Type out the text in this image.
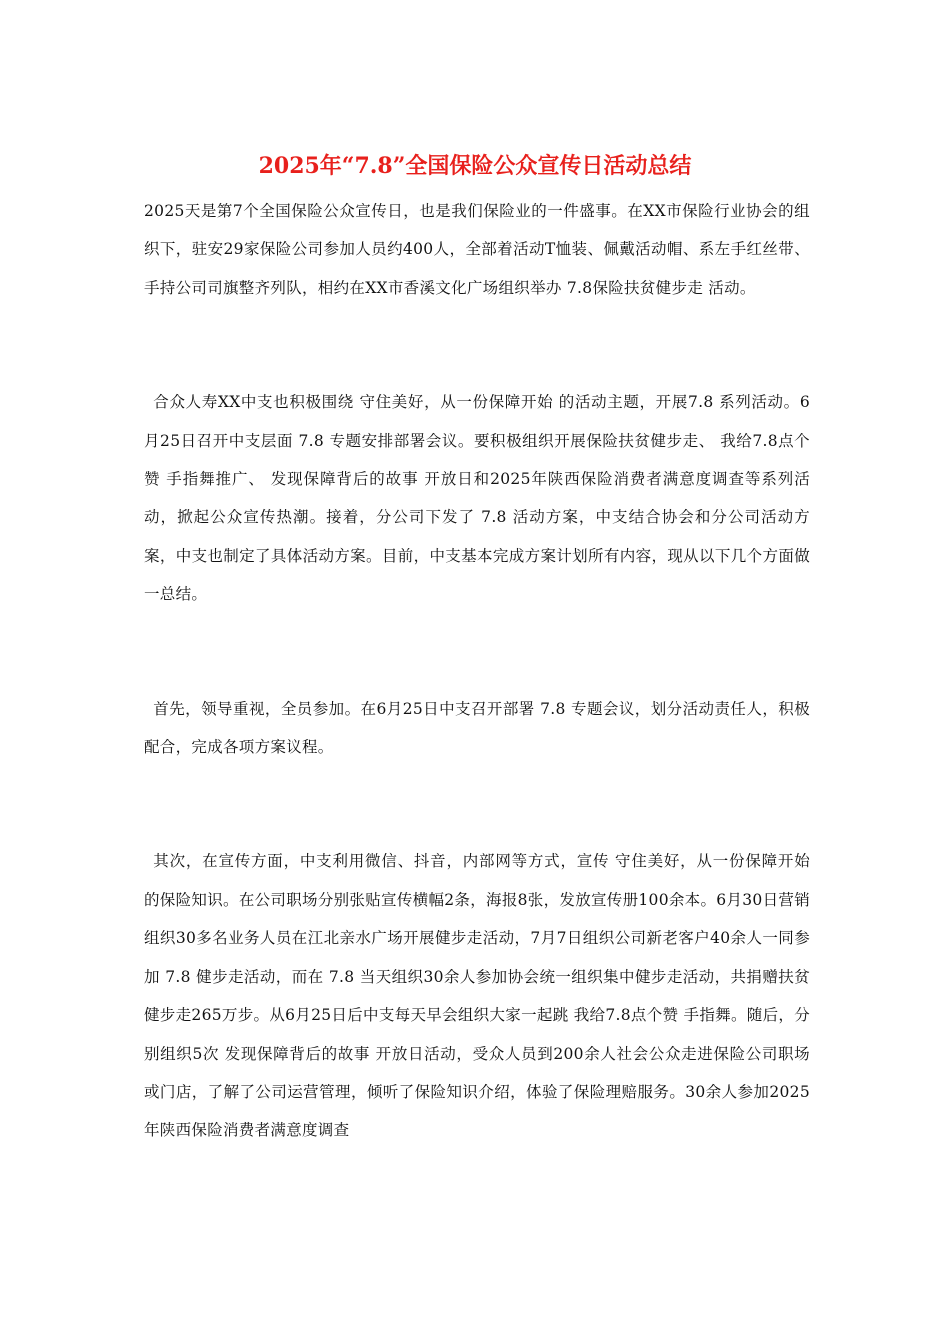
2025年“7.8”全国保险公众宣传日活动总结

2025天是第7个全国保险公众宣传日，也是我们保险业的一件盛事。在XX市保险行业协会的组织下，驻安29家保险公司参加人员约400人，全部着活动T恤装、佩戴活动帽、系左手红丝带、手持公司司旗整齐列队，相约在XX市香溪文化广场组织举办 7.8保险扶贫健步走 活动。

合众人寿XX中支也积极围绕 守住美好，从一份保障开始 的活动主题，开展7.8 系列活动。6月25日召开中支层面 7.8 专题安排部署会议。要积极组织开展保险扶贫健步走、 我给7.8点个赞 手指舞推广、 发现保障背后的故事 开放日和2025年陕西保险消费者满意度调查等系列活动，掀起公众宣传热潮。接着，分公司下发了 7.8 活动方案，中支结合协会和分公司活动方案，中支也制定了具体活动方案。目前，中支基本完成方案计划所有内容，现从以下几个方面做一总结。

首先，领导重视，全员参加。在6月25日中支召开部署 7.8 专题会议，划分活动责任人，积极配合，完成各项方案议程。

其次，在宣传方面，中支利用微信、抖音，内部网等方式，宣传 守住美好，从一份保障开始 的保险知识。在公司职场分别张贴宣传横幅2条，海报8张，发放宣传册100余本。6月30日营销组织30多名业务人员在江北亲水广场开展健步走活动，7月7日组织公司新老客户40余人一同参加 7.8 健步走活动，而在 7.8 当天组织30余人参加协会统一组织集中健步走活动，共捐赠扶贫健步走265万步。从6月25日后中支每天早会组织大家一起跳 我给7.8点个赞 手指舞。随后，分别组织5次 发现保障背后的故事 开放日活动，受众人员到200余人社会公众走进保险公司职场或门店，了解了公司运营管理，倾听了保险知识介绍，体验了保险理赔服务。30余人参加2025年陕西保险消费者满意度调查
